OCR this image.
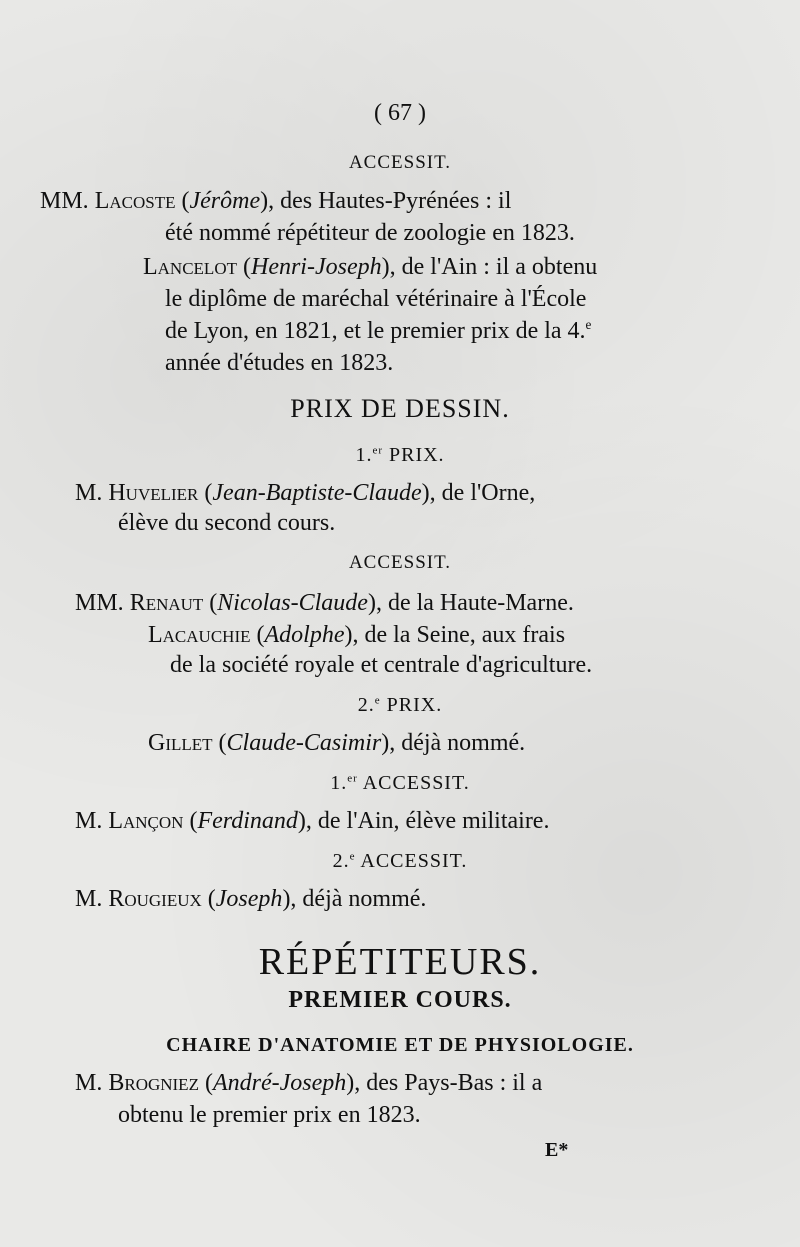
( 67 )
ACCESSIT.
MM. Lacoste (Jérôme), des Hautes-Pyrénées : il
été nommé répétiteur de zoologie en 1823.
Lancelot (Henri-Joseph), de l'Ain : il a obtenu
le diplôme de maréchal vétérinaire à l'École
de Lyon, en 1821, et le premier prix de la 4.$^e$
année d'études en 1823.
PRIX DE DESSIN.
1.$^{er}$ PRIX.
M. Huvelier (Jean-Baptiste-Claude), de l'Orne,
élève du second cours.
ACCESSIT.
MM. Renaut (Nicolas-Claude), de la Haute-Marne.
Lacauchie (Adolphe), de la Seine, aux frais
de la société royale et centrale d'agriculture.
2.$^e$ PRIX.
Gillet (Claude-Casimir), déjà nommé.
1.$^{er}$ ACCESSIT.
M. Lançon (Ferdinand), de l'Ain, élève militaire.
2.$^e$ ACCESSIT.
M. Rougieux (Joseph), déjà nommé.
RÉPÉTITEURS.
PREMIER COURS.
CHAIRE D'ANATOMIE ET DE PHYSIOLOGIE.
M. Brogniez (André-Joseph), des Pays-Bas : il a
obtenu le premier prix en 1823.
E*
